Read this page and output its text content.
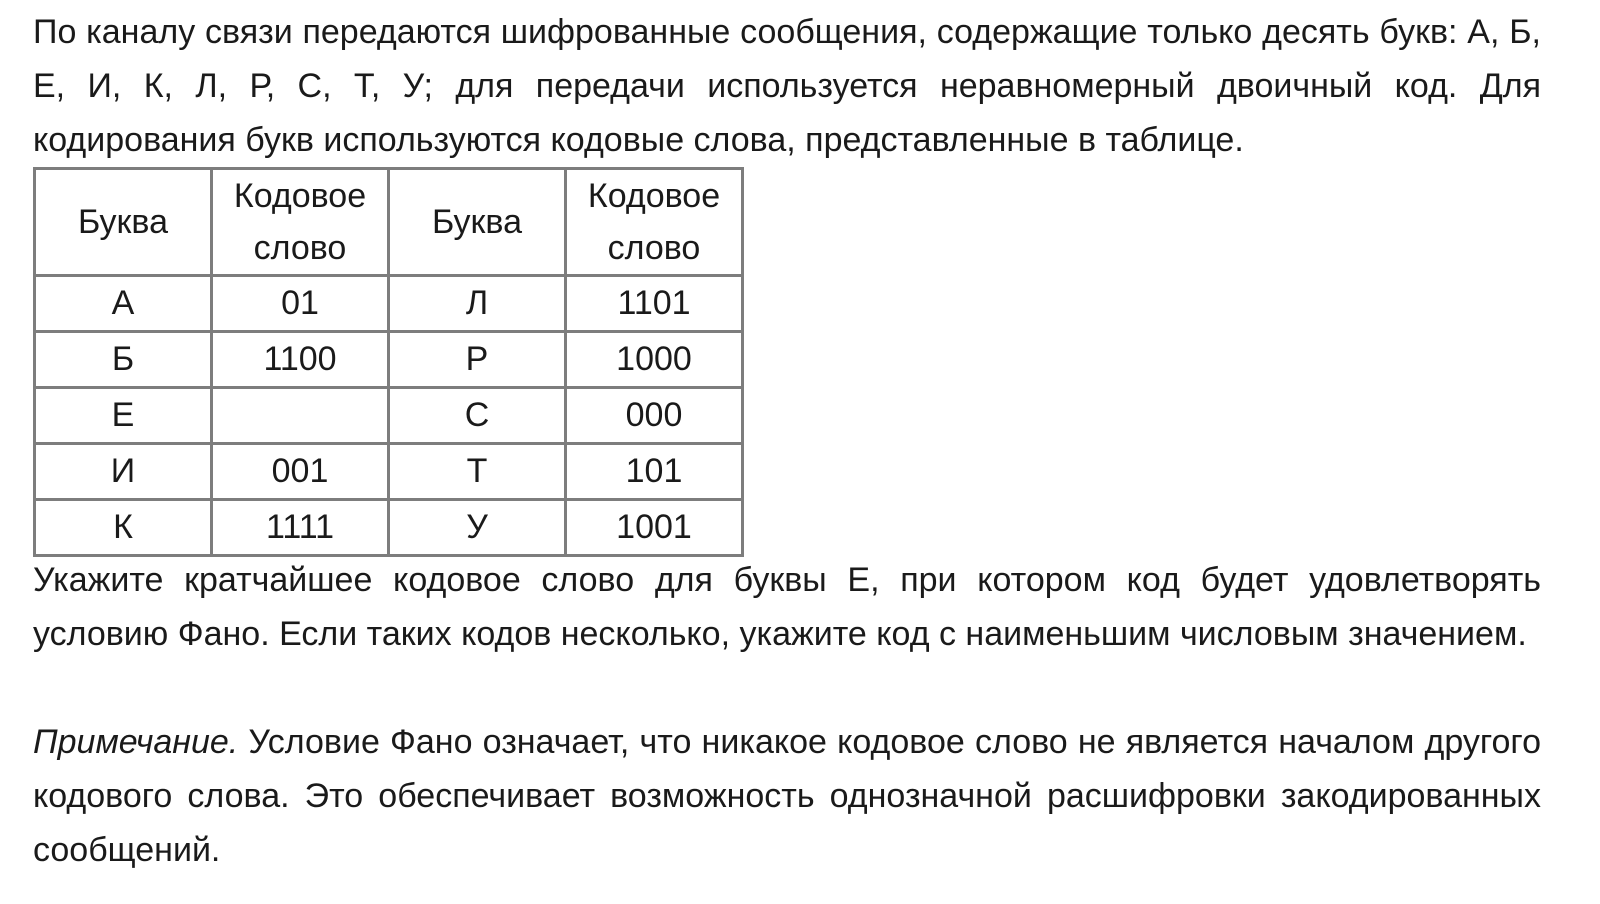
По каналу связи передаются шифрованные сообщения, содержащие только десять букв: А, Б, Е, И, К, Л, Р, С, Т, У; для передачи используется неравномерный двоичный код. Для кодирования букв используются кодовые слова, представленные в таблице.

Буква	Кодовое слово	Буква	Кодовое слово
А	01	Л	1101
Б	1100	Р	1000
Е		С	000
И	001	Т	101
К	1111	У	1001

Укажите кратчайшее кодовое слово для буквы Е, при котором код будет удовлетворять условию Фано. Если таких кодов несколько, укажите код с наименьшим числовым значением.

Примечание. Условие Фано означает, что никакое кодовое слово не является началом другого кодового слова. Это обеспечивает возможность однозначной расшифровки закодированных сообщений.
